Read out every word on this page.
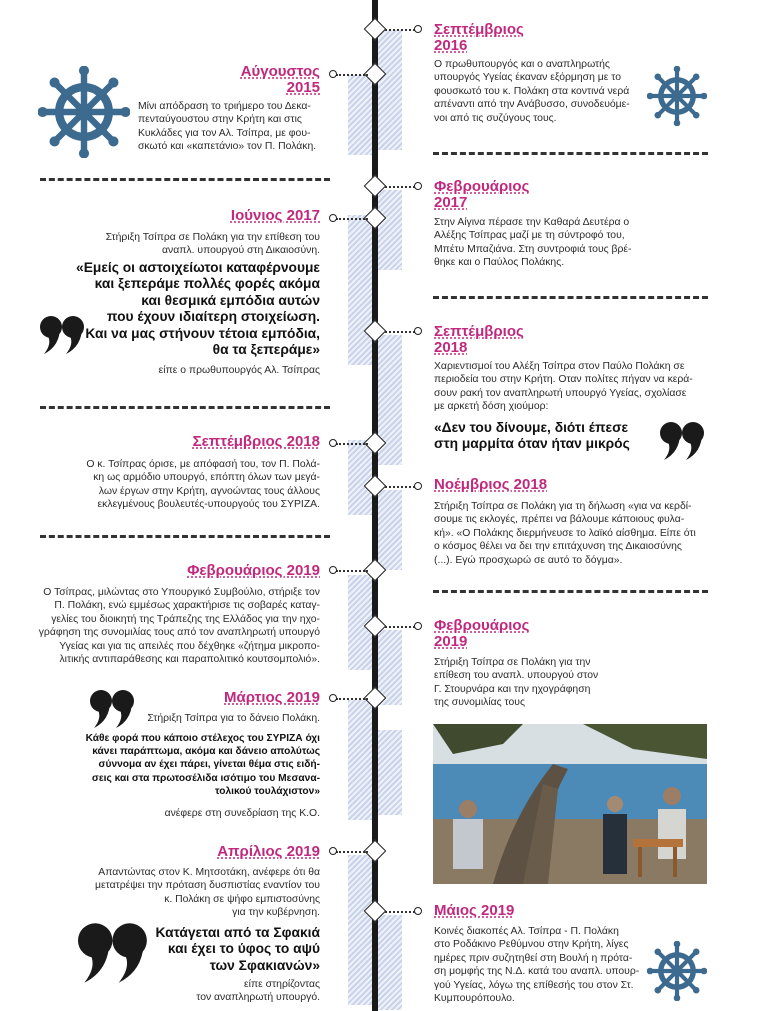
Σεπτέμβριος
2016
Ο πρωθυπουργός και ο αναπληρωτής
υπουργός Υγείας έκαναν εξόρμηση με το
φουσκωτό του κ. Πολάκη στα κοντινά νερά
απέναντι από την Ανάβυσσο, συνοδευόμε-
νοι από τις συζύγους τους.
Αύγουστος
2015
Μίνι απόδραση το τριήμερο του Δεκα-
πενταύγουστου στην Κρήτη και στις
Κυκλάδες για τον Αλ. Τσίπρα, με φου-
σκωτό και «καπετάνιο» τον Π. Πολάκη.
Φεβρουάριος
2017
Στην Αίγινα πέρασε την Καθαρά Δευτέρα ο
Αλέξης Τσίπρας μαζί με τη σύντροφό του,
Μπέτυ Μπαζιάνα. Στη συντροφιά τους βρέ-
θηκε και ο Παύλος Πολάκης.
Ιούνιος 2017
Στήριξη Τσίπρα σε Πολάκη για την επίθεση του
αναπλ. υπουργού στη Δικαιοσύνη.
«Εμείς οι αστοιχείωτοι καταφέρνουμε
και ξεπεράμε πολλές φορές ακόμα
και θεσμικά εμπόδια αυτών
που έχουν ιδιαίτερη στοιχείωση.
Και να μας στήνουν τέτοια εμπόδια,
θα τα ξεπεράμε»
είπε ο πρωθυπουργός Αλ. Τσίπρας
Σεπτέμβριος
2018
Χαριεντισμοί του Αλέξη Τσίπρα στον Παύλο Πολάκη σε
περιοδεία του στην Κρήτη. Οταν πολίτες πήγαν να κερά-
σουν ρακή τον αναπληρωτή υπουργό Υγείας, σχολίασε
με αρκετή δόση χιούμορ:
«Δεν του δίνουμε, διότι έπεσε
στη μαρμίτα όταν ήταν μικρός
Σεπτέμβριος 2018
Ο κ. Τσίπρας όρισε, με απόφασή του, τον Π. Πολά-
κη ως αρμόδιο υπουργό, επόπτη όλων των μεγά-
λων έργων στην Κρήτη, αγνοώντας τους άλλους
εκλεγμένους βουλευτές-υπουργούς του ΣΥΡΙΖΑ.
Νοέμβριος 2018
Στήριξη Τσίπρα σε Πολάκη για τη δήλωση «για να κερδί-
σουμε τις εκλογές, πρέπει να βάλουμε κάποιους φυλα-
κή». «Ο Πολάκης διερμήνευσε το λαϊκό αίσθημα. Είπε ότι
ο κόσμος θέλει να δει την επιτάχυνση της Δικαιοσύνης
(...). Εγώ προσχωρώ σε αυτό το δόγμα».
Φεβρουάριος 2019
Ο Τσίπρας, μιλώντας στο Υπουργικό Συμβούλιο, στήριξε τον
Π. Πολάκη, ενώ εμμέσως χαρακτήρισε τις σοβαρές καταγ-
γελίες του διοικητή της Τράπεζης της Ελλάδος για την ηχο-
γράφηση της συνομιλίας τους από τον αναπληρωτή υπουργό
Υγείας και για τις απειλές που δέχθηκε «ζήτημα μικροπο-
λιτικής αντιπαράθεσης και παραπολιτικό κουτσομπολιό».
Φεβρουάριος
2019
Στήριξη Τσίπρα σε Πολάκη για την
επίθεση του αναπλ. υπουργού στον
Γ. Στουρνάρα και την ηχογράφηση
της συνομιλίας τους
Μάρτιος 2019
Στήριξη Τσίπρα για το δάνειο Πολάκη.
Κάθε φορά που κάποιο στέλεχος του ΣΥΡΙΖΑ όχι
κάνει παράπτωμα, ακόμα και δάνειο απολύτως
σύννομα αν έχει πάρει, γίνεται θέμα στις ειδή-
σεις και στα πρωτοσέλιδα ισότιμο του Μεσανα-
τολικού τουλάχιστον»
ανέφερε στη συνεδρίαση της Κ.Ο.
Απρίλιος 2019
Απαντώντας στον Κ. Μητσοτάκη, ανέφερε ότι θα
μετατρέψει την πρόταση δυσπιστίας εναντίον του
κ. Πολάκη σε ψήφο εμπιστοσύνης
για την κυβέρνηση.
Κατάγεται από τα Σφακιά
και έχει το ύφος το αψύ
των Σφακιανών»
είπε στηρίζοντας
τον αναπληρωτή υπουργό.
Μάιος 2019
Κοινές διακοπές Αλ. Τσίπρα - Π. Πολάκη
στο Ροδάκινο Ρεθύμνου στην Κρήτη, λίγες
ημέρες πριν συζητηθεί στη Βουλή η πρότα-
ση μομφής της Ν.Δ. κατά του αναπλ. υπουρ-
γού Υγείας, λόγω της επίθεσής του στον Στ.
Κυμπουρόπουλο.
